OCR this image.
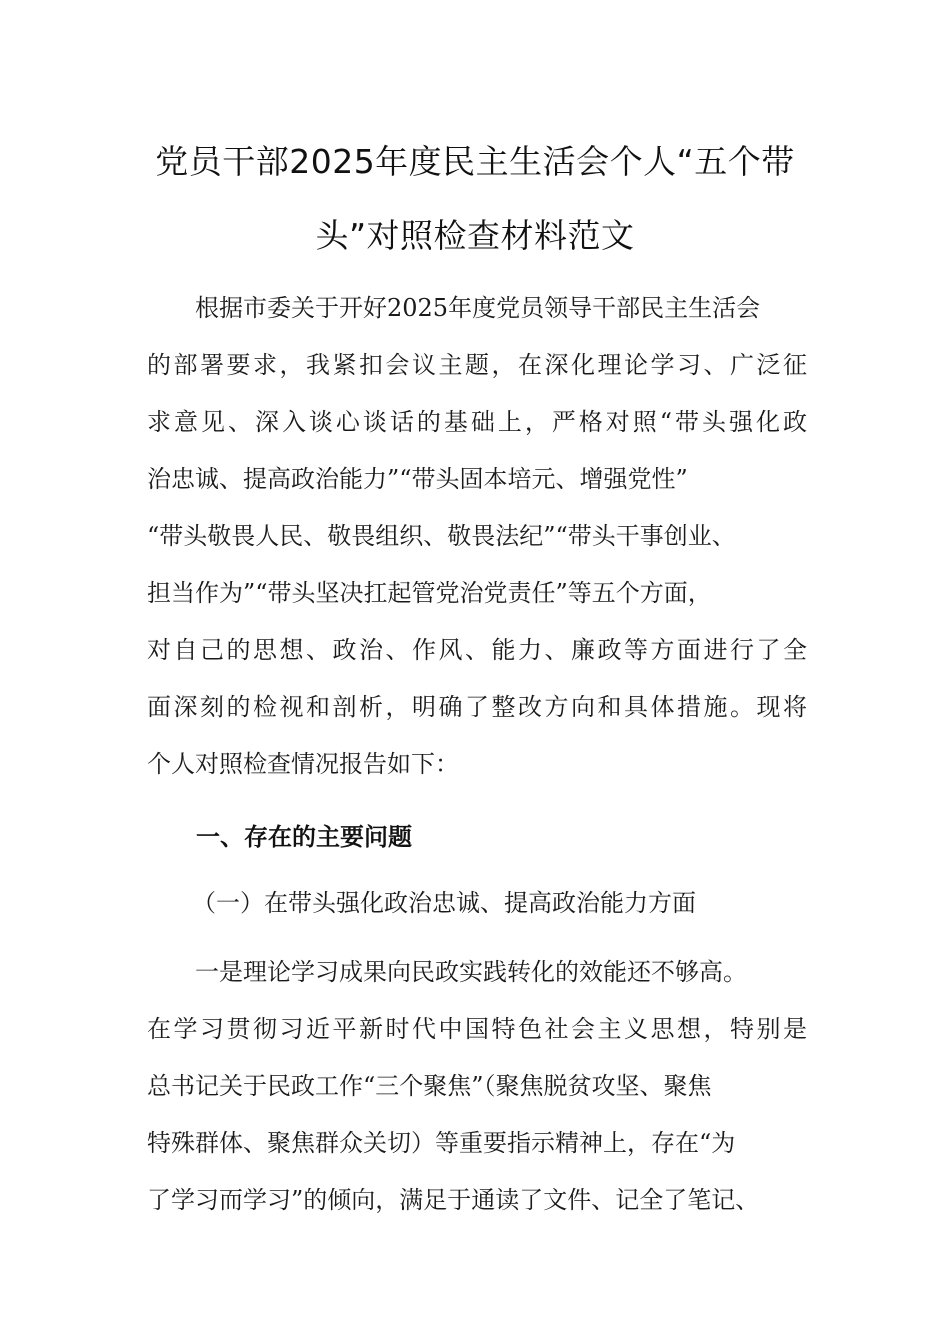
党员干部2025年度民主生活会个人“五个带
头”对照检查材料范文
根据市委关于开好2025年度党员领导干部民主生活会
的部署要求，我紧扣会议主题，在深化理论学习、广泛征
求意见、深入谈心谈话的基础上，严格对照“带头强化政
治忠诚、提高政治能力”“带头固本培元、增强党性”
“带头敬畏人民、敬畏组织、敬畏法纪”“带头干事创业、
担当作为”“带头坚决扛起管党治党责任”等五个方面，
对自己的思想、政治、作风、能力、廉政等方面进行了全
面深刻的检视和剖析，明确了整改方向和具体措施。现将
个人对照检查情况报告如下：
一、存在的主要问题
（一）在带头强化政治忠诚、提高政治能力方面
一是理论学习成果向民政实践转化的效能还不够高。
在学习贯彻习近平新时代中国特色社会主义思想，特别是
总书记关于民政工作“三个聚焦”（聚焦脱贫攻坚、聚焦
特殊群体、聚焦群众关切）等重要指示精神上，存在“为
了学习而学习”的倾向，满足于通读了文件、记全了笔记、
